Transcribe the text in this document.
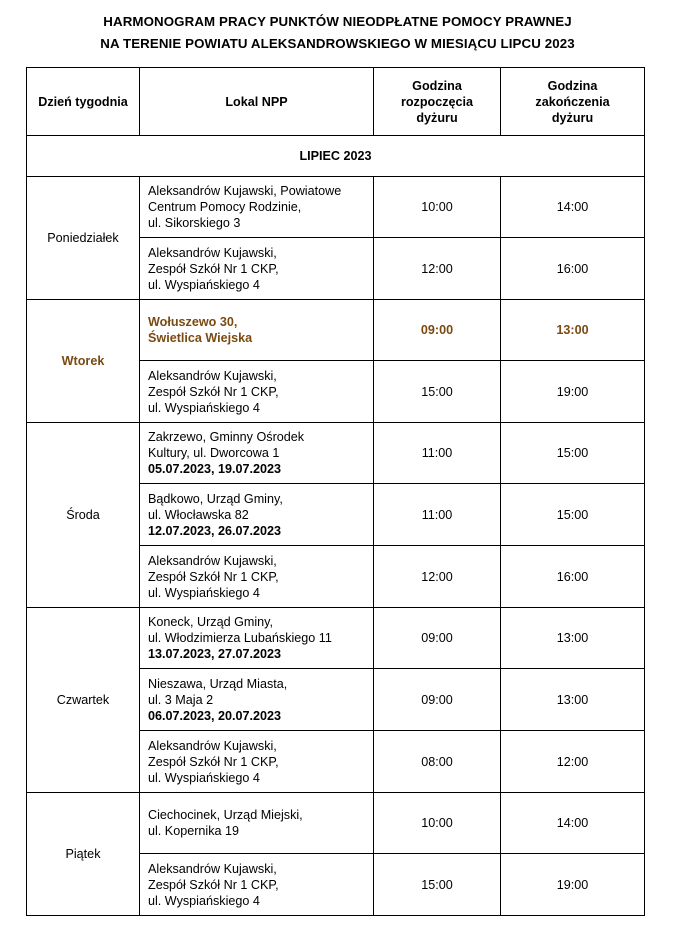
HARMONOGRAM PRACY PUNKTÓW NIEODPŁATNE POMOCY PRAWNEJ
NA TERENIE POWIATU ALEKSANDROWSKIEGO W MIESIĄCU LIPCU 2023
Dzień tygodnia	Lokal NPP	Godzina
rozpoczęcia
dyżuru	Godzina
zakończenia
dyżuru

LIPIEC 2023			
Poniedziałek	Aleksandrów Kujawski, Powiatowe
Centrum Pomocy Rodzinie,
ul. Sikorskiego 3	10:00	14:00

	Aleksandrów Kujawski,
Zespół Szkół Nr 1 CKP,
ul. Wyspiańskiego 4	12:00	16:00
Wtorek	Wołuszewo 30,
Świetlica Wiejska	09:00	13:00

	Aleksandrów Kujawski,
Zespół Szkół Nr 1 CKP,
ul. Wyspiańskiego 4	15:00	19:00
Środa	Zakrzewo, Gminny Ośrodek
Kultury, ul. Dworcowa 1
05.07.2023, 19.07.2023	11:00	15:00

	Bądkowo, Urząd Gminy,
ul. Włocławska 82
12.07.2023, 26.07.2023	11:00	15:00

	Aleksandrów Kujawski,
Zespół Szkół Nr 1 CKP,
ul. Wyspiańskiego 4	12:00	16:00
Czwartek	Koneck, Urząd Gminy,
ul. Włodzimierza Lubańskiego 11
13.07.2023, 27.07.2023	09:00	13:00

	Nieszawa, Urząd Miasta,
ul. 3 Maja 2
06.07.2023, 20.07.2023	09:00	13:00

	Aleksandrów Kujawski,
Zespół Szkół Nr 1 CKP,
ul. Wyspiańskiego 4	08:00	12:00
Piątek	Ciechocinek, Urząd Miejski,
ul. Kopernika 19	10:00	14:00

	Aleksandrów Kujawski,
Zespół Szkół Nr 1 CKP,
ul. Wyspiańskiego 4	15:00	19:00
